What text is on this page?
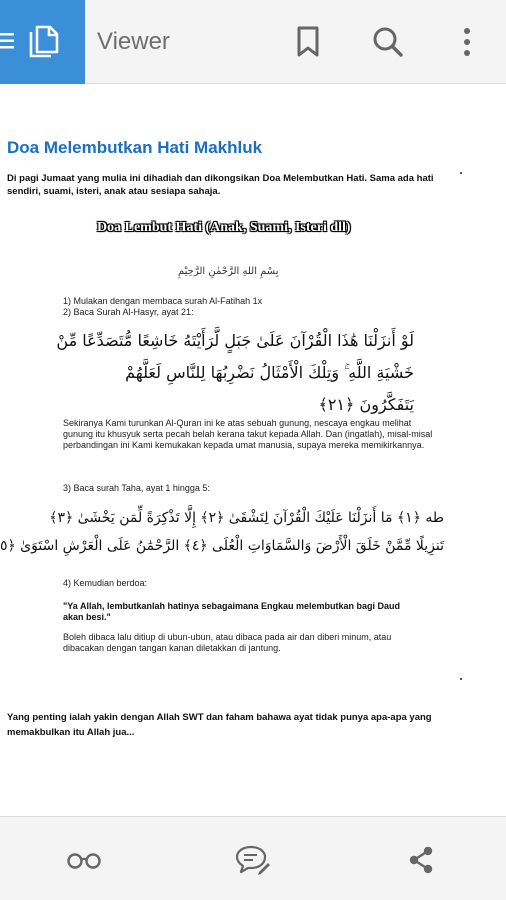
Viewer
Doa Melembutkan Hati Makhluk
Di pagi Jumaat yang mulia ini dihadiah dan dikongsikan Doa Melembutkan Hati. Sama ada hati sendiri, suami, isteri, anak atau sesiapa sahaja.
Doa Lembut Hati (Anak, Suami, Isteri dll)
بِسْمِ اللهِ الرَّحْمٰنِ الرَّحِيْمِ
1) Mulakan dengan membaca surah Al-Fatihah 1x
2) Baca Surah Al-Hasyr, ayat 21:
لَوْ أَنزَلْنَا هَٰذَا الْقُرْآنَ عَلَىٰ جَبَلٍ لَّرَأَيْتَهُ خَاشِعًا مُّتَصَدِّعًا مِّنْ
خَشْيَةِ اللَّهِ ۚ وَتِلْكَ الْأَمْثَالُ نَضْرِبُهَا لِلنَّاسِ لَعَلَّهُمْ
يَتَفَكَّرُونَ ﴿٢١﴾
Sekiranya Kami turunkan Al-Quran ini ke atas sebuah gunung, nescaya engkau melihat gunung itu khusyuk serta pecah belah kerana takut kepada Allah. Dan (ingatlah), misal-misal perbandingan ini Kami kemukakan kepada umat manusia, supaya mereka memikirkannya.
3) Baca surah Taha, ayat 1 hingga 5:
طه ﴿١﴾ مَا أَنزَلْنَا عَلَيْكَ الْقُرْآنَ لِتَشْقَىٰ ﴿٢﴾ إِلَّا تَذْكِرَةً لِّمَن يَخْشَىٰ ﴿٣﴾
تَنزِيلًا مِّمَّنْ خَلَقَ الْأَرْضَ وَالسَّمَاوَاتِ الْعُلَى ﴿٤﴾ الرَّحْمَٰنُ عَلَى الْعَرْشِ اسْتَوَىٰ ﴿٥
4) Kemudian berdoa:
"Ya Allah, lembutkanlah hatinya sebagaimana Engkau melembutkan bagi Daud akan besi."
Boleh dibaca lalu ditiup di ubun-ubun, atau dibaca pada air dan diberi minum, atau dibacakan dengan tangan kanan diletakkan di jantung.
Yang penting ialah yakin dengan Allah SWT dan faham bahawa ayat tidak punya apa-apa yang memakbulkan itu Allah jua...
